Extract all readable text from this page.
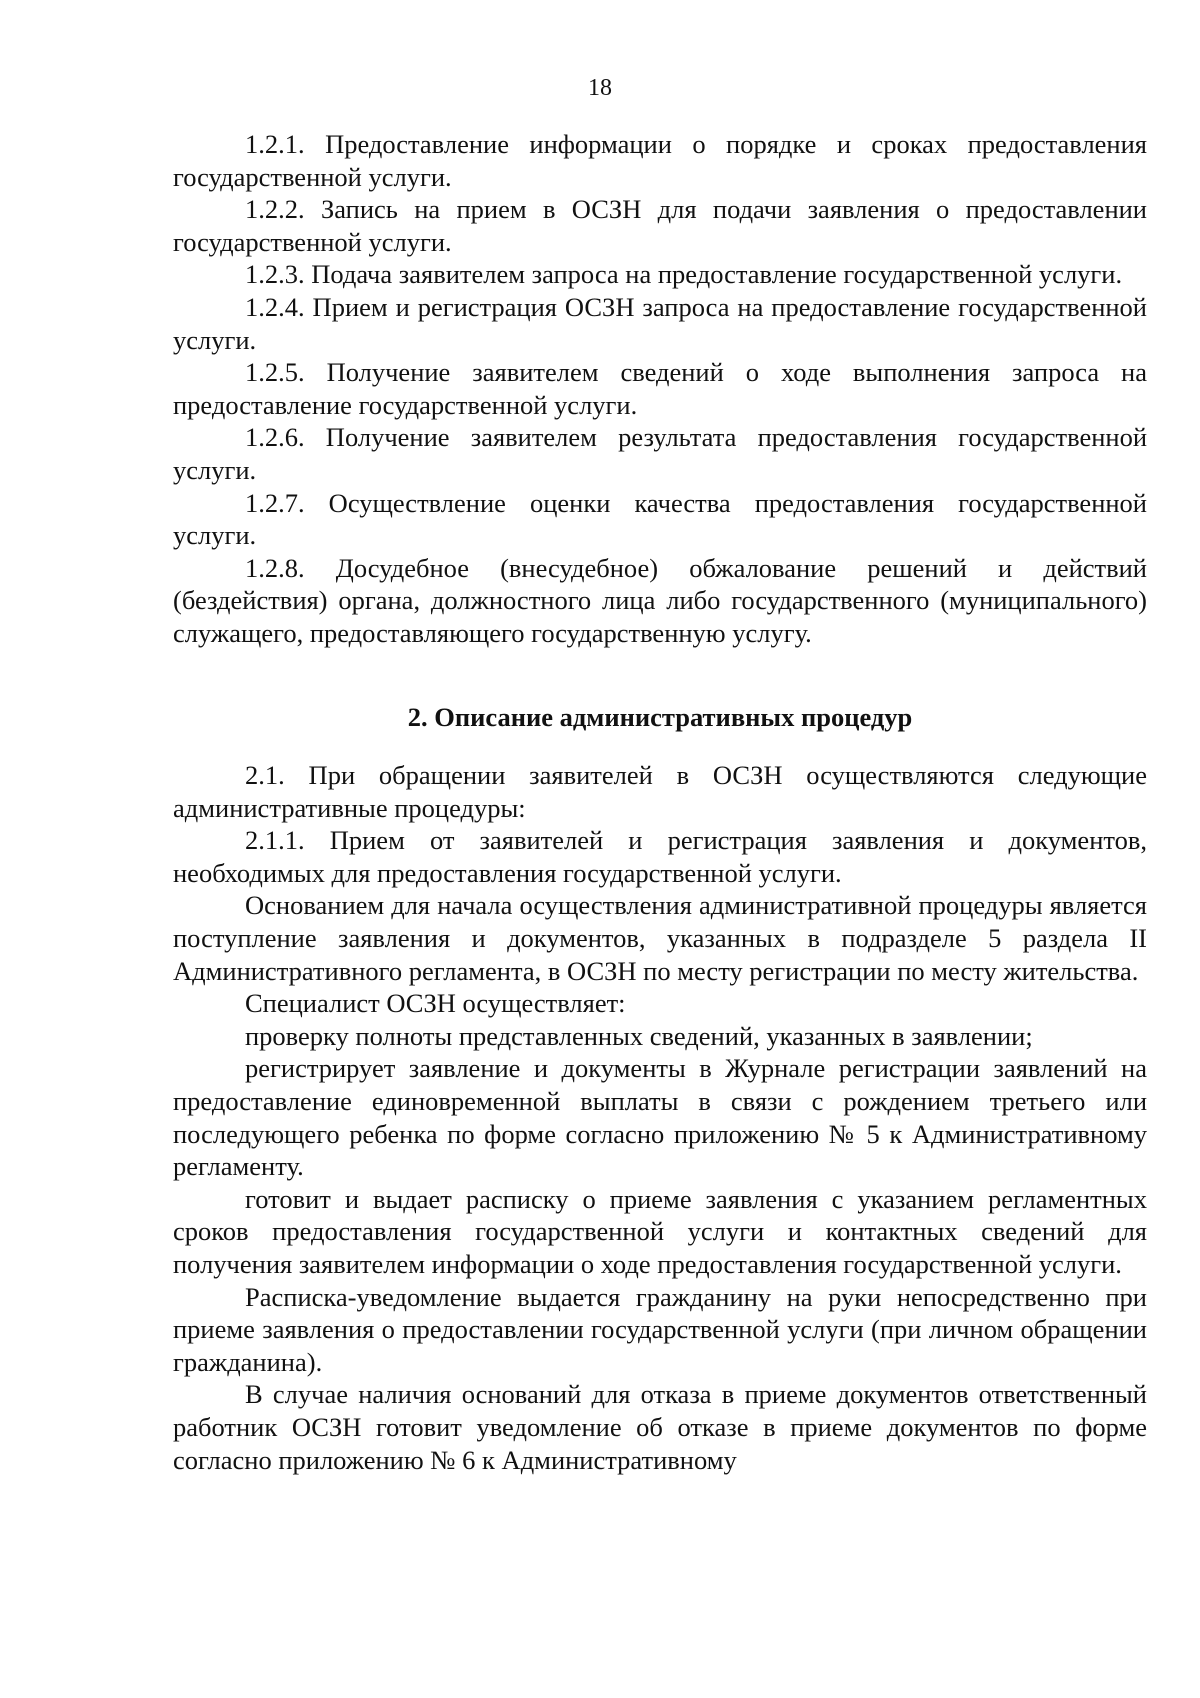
18

1.2.1. Предоставление информации о порядке и сроках предоставления государственной услуги.

1.2.2. Запись на прием в ОСЗН для подачи заявления о предоставлении государственной услуги.

1.2.3. Подача заявителем запроса на предоставление государственной услуги.

1.2.4. Прием и регистрация ОСЗН запроса на предоставление государственной услуги.

1.2.5. Получение заявителем сведений о ходе выполнения запроса на предоставление государственной услуги.

1.2.6. Получение заявителем результата предоставления государственной услуги.

1.2.7. Осуществление оценки качества предоставления государственной услуги.

1.2.8. Досудебное (внесудебное) обжалование решений и действий (бездействия) органа, должностного лица либо государственного (муниципального) служащего, предоставляющего государственную услугу.

2. Описание административных процедур

2.1. При обращении заявителей в ОСЗН осуществляются следующие административные процедуры:

2.1.1. Прием от заявителей и регистрация заявления и документов, необходимых для предоставления государственной услуги.

Основанием для начала осуществления административной процедуры является поступление заявления и документов, указанных в подразделе 5 раздела II Административного регламента, в ОСЗН по месту регистрации по месту жительства.

Специалист ОСЗН осуществляет:

проверку полноты представленных сведений, указанных в заявлении;

регистрирует заявление и документы в Журнале регистрации заявлений на предоставление единовременной выплаты в связи с рождением третьего или последующего ребенка по форме согласно приложению № 5 к Административному регламенту.

готовит и выдает расписку о приеме заявления с указанием регламентных сроков предоставления государственной услуги и контактных сведений для получения заявителем информации о ходе предоставления государственной услуги.

Расписка-уведомление выдается гражданину на руки непосредственно при приеме заявления о предоставлении государственной услуги (при личном обращении гражданина).

В случае наличия оснований для отказа в приеме документов ответственный работник ОСЗН готовит уведомление об отказе в приеме документов по форме согласно приложению № 6 к Административному
